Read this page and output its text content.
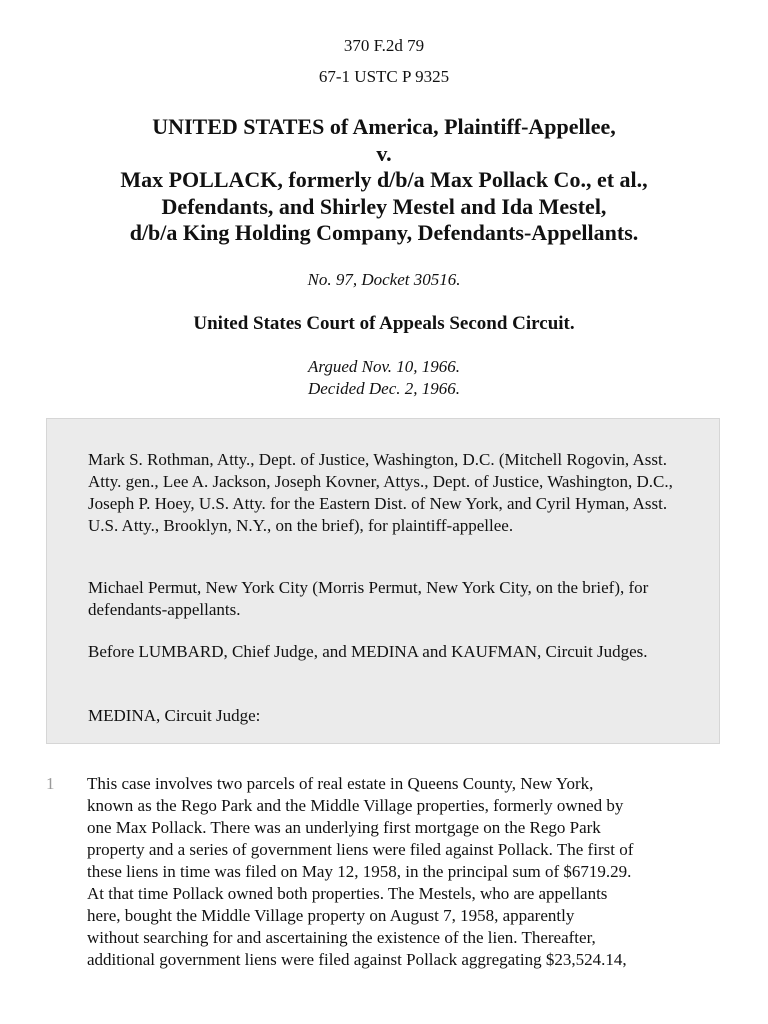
370 F.2d 79
67-1 USTC P 9325
UNITED STATES of America, Plaintiff-Appellee,
v.
Max POLLACK, formerly d/b/a Max Pollack Co., et al.,
Defendants, and Shirley Mestel and Ida Mestel,
d/b/a King Holding Company, Defendants-Appellants.
No. 97, Docket 30516.
United States Court of Appeals Second Circuit.
Argued Nov. 10, 1966.
Decided Dec. 2, 1966.

Mark S. Rothman, Atty., Dept. of Justice, Washington, D.C. (Mitchell Rogovin, Asst. Atty. gen., Lee A. Jackson, Joseph Kovner, Attys., Dept. of Justice, Washington, D.C., Joseph P. Hoey, U.S. Atty. for the Eastern Dist. of New York, and Cyril Hyman, Asst. U.S. Atty., Brooklyn, N.Y., on the brief), for plaintiff-appellee.

Michael Permut, New York City (Morris Permut, New York City, on the brief), for defendants-appellants.

Before LUMBARD, Chief Judge, and MEDINA and KAUFMAN, Circuit Judges.

MEDINA, Circuit Judge:

1 This case involves two parcels of real estate in Queens County, New York,
known as the Rego Park and the Middle Village properties, formerly owned by
one Max Pollack. There was an underlying first mortgage on the Rego Park
property and a series of government liens were filed against Pollack. The first of
these liens in time was filed on May 12, 1958, in the principal sum of $6719.29.
At that time Pollack owned both properties. The Mestels, who are appellants
here, bought the Middle Village property on August 7, 1958, apparently
without searching for and ascertaining the existence of the lien. Thereafter,
additional government liens were filed against Pollack aggregating $23,524.14,
